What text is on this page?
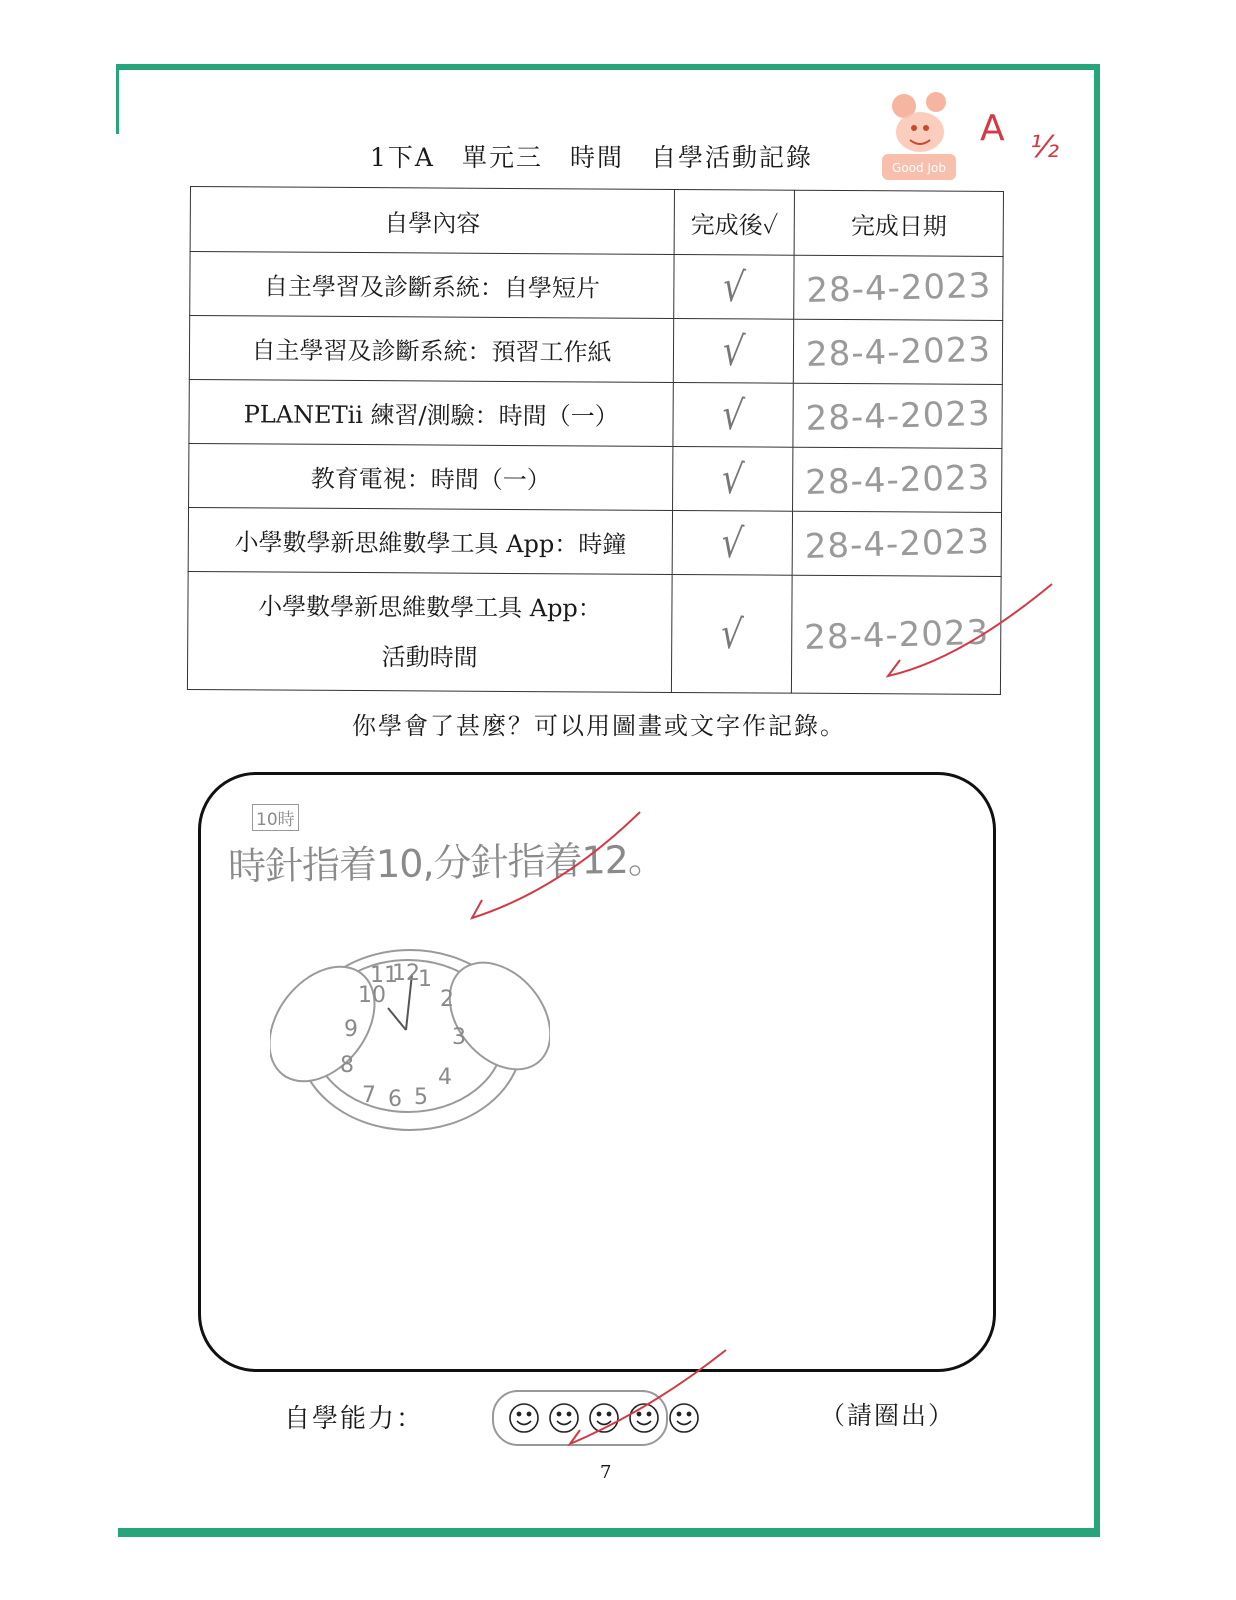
1下A　單元三　時間　自學活動記錄	Good Job
A ½
自學內容	完成後✓	完成日期
自主學習及診斷系統：自學短片	√	28-4-2023
自主學習及診斷系統：預習工作紙	√	28-4-2023
PLANETii 練習/測驗：時間（一）	√	28-4-2023
教育電視：時間（一）	√	28-4-2023
小學數學新思維數學工具 App：時鐘	√	28-4-2023

小學數學新思維數學工具 App：
活動時間	√	28-4-2023
你學會了甚麼？可以用圖畫或文字作記錄。
10時
時針指着10,分針指着12。
1
2
3
4
5
6
7
8
9
10
11
12
自學能力：	（請圈出）
7
